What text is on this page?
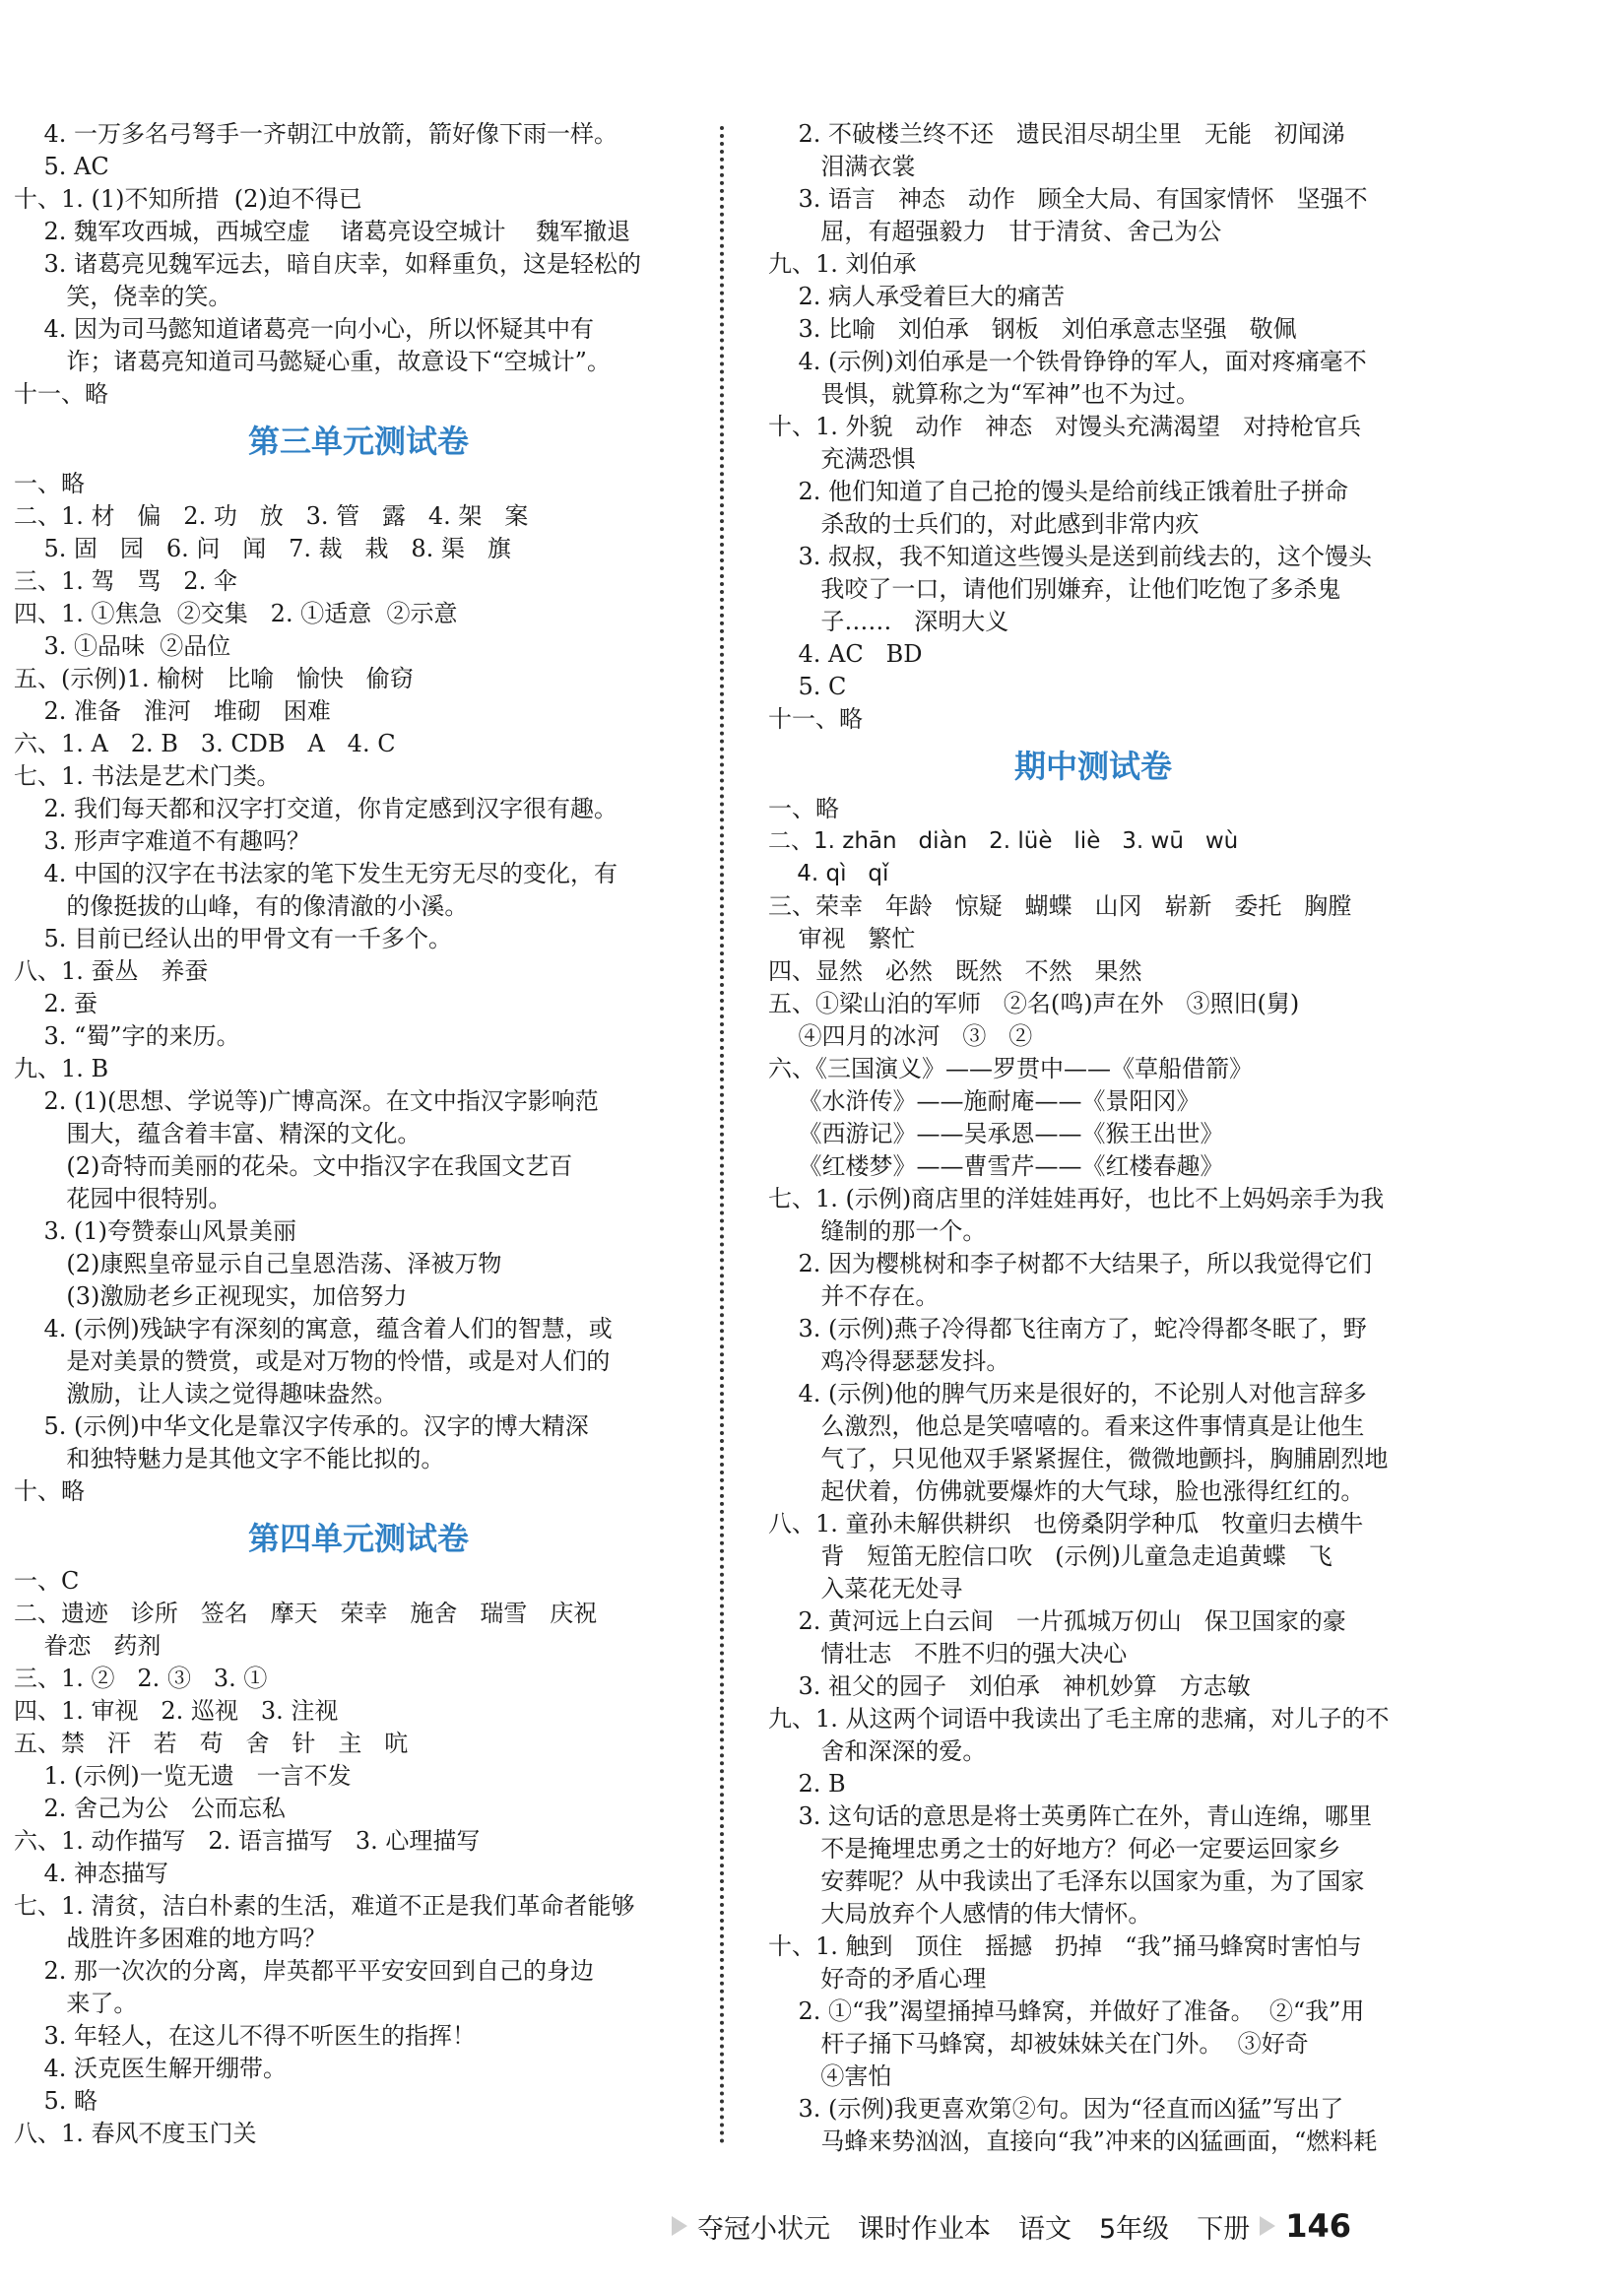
4. 一万多名弓弩手一齐朝江中放箭，箭好像下雨一样。
5. AC
十、1. (1)不知所措  (2)迫不得已
2. 魏军攻西城，西城空虚    诸葛亮设空城计    魏军撤退
3. 诸葛亮见魏军远去，暗自庆幸，如释重负，这是轻松的
笑，侥幸的笑。
4. 因为司马懿知道诸葛亮一向小心，所以怀疑其中有
诈；诸葛亮知道司马懿疑心重，故意设下“空城计”。
十一、略
第三单元测试卷
一、略
二、1. 材   偏   2. 功   放   3. 管   露   4. 架   案
5. 固   园   6. 问   闻   7. 裁   栽   8. 渠   旗
三、1. 驾   骂   2. 伞
四、1. ①焦急  ②交集   2. ①适意  ②示意
3. ①品味  ②品位
五、(示例)1. 榆树   比喻   愉快   偷窃
2. 准备   淮河   堆砌   困难
六、1. A   2. B   3. CDB   A   4. C
七、1. 书法是艺术门类。
2. 我们每天都和汉字打交道，你肯定感到汉字很有趣。
3. 形声字难道不有趣吗？
4. 中国的汉字在书法家的笔下发生无穷无尽的变化，有
的像挺拔的山峰，有的像清澈的小溪。
5. 目前已经认出的甲骨文有一千多个。
八、1. 蚕丛   养蚕
2. 蚕
3. “蜀”字的来历。
九、1. B
2. (1)(思想、学说等)广博高深。在文中指汉字影响范
围大，蕴含着丰富、精深的文化。
(2)奇特而美丽的花朵。文中指汉字在我国文艺百
花园中很特别。
3. (1)夸赞泰山风景美丽
(2)康熙皇帝显示自己皇恩浩荡、泽被万物
(3)激励老乡正视现实，加倍努力
4. (示例)残缺字有深刻的寓意，蕴含着人们的智慧，或
是对美景的赞赏，或是对万物的怜惜，或是对人们的
激励，让人读之觉得趣味盎然。
5. (示例)中华文化是靠汉字传承的。汉字的博大精深
和独特魅力是其他文字不能比拟的。
十、略
第四单元测试卷
一、C
二、遗迹   诊所   签名   摩天   荣幸   施舍   瑞雪   庆祝
眷恋   药剂
三、1. ②   2. ③   3. ①
四、1. 审视   2. 巡视   3. 注视
五、禁   汗   若   苟   舍   针   主   吭
1. (示例)一览无遗   一言不发
2. 舍己为公   公而忘私
六、1. 动作描写   2. 语言描写   3. 心理描写
4. 神态描写
七、1. 清贫，洁白朴素的生活，难道不正是我们革命者能够
战胜许多困难的地方吗？
2. 那一次次的分离，岸英都平平安安回到自己的身边
来了。
3. 年轻人，在这儿不得不听医生的指挥！
4. 沃克医生解开绷带。
5. 略
八、1. 春风不度玉门关
2. 不破楼兰终不还   遗民泪尽胡尘里   无能   初闻涕
泪满衣裳
3. 语言   神态   动作   顾全大局、有国家情怀   坚强不
屈，有超强毅力   甘于清贫、舍己为公
九、1. 刘伯承
2. 病人承受着巨大的痛苦
3. 比喻   刘伯承   钢板   刘伯承意志坚强   敬佩
4. (示例)刘伯承是一个铁骨铮铮的军人，面对疼痛毫不
畏惧，就算称之为“军神”也不为过。
十、1. 外貌   动作   神态   对馒头充满渴望   对持枪官兵
充满恐惧
2. 他们知道了自己抢的馒头是给前线正饿着肚子拼命
杀敌的士兵们的，对此感到非常内疚
3. 叔叔，我不知道这些馒头是送到前线去的，这个馒头
我咬了一口，请他们别嫌弃，让他们吃饱了多杀鬼
子……   深明大义
4. AC   BD
5. C
十一、略
期中测试卷
一、略
二、1. zhān   diàn   2. lüè   liè   3. wū   wù
4. qì   qǐ
三、荣幸   年龄   惊疑   蝴蝶   山冈   崭新   委托   胸膛
审视   繁忙
四、显然   必然   既然   不然   果然
五、①梁山泊的军师   ②名(鸣)声在外   ③照旧(舅)
④四月的冰河   ③   ②
六、《三国演义》——罗贯中——《草船借箭》
《水浒传》——施耐庵——《景阳冈》
《西游记》——吴承恩——《猴王出世》
《红楼梦》——曹雪芹——《红楼春趣》
七、1. (示例)商店里的洋娃娃再好，也比不上妈妈亲手为我
缝制的那一个。
2. 因为樱桃树和李子树都不大结果子，所以我觉得它们
并不存在。
3. (示例)燕子冷得都飞往南方了，蛇冷得都冬眠了，野
鸡冷得瑟瑟发抖。
4. (示例)他的脾气历来是很好的，不论别人对他言辞多
么激烈，他总是笑嘻嘻的。看来这件事情真是让他生
气了，只见他双手紧紧握住，微微地颤抖，胸脯剧烈地
起伏着，仿佛就要爆炸的大气球，脸也涨得红红的。
八、1. 童孙未解供耕织   也傍桑阴学种瓜   牧童归去横牛
背   短笛无腔信口吹   (示例)儿童急走追黄蝶   飞
入菜花无处寻
2. 黄河远上白云间   一片孤城万仞山   保卫国家的豪
情壮志   不胜不归的强大决心
3. 祖父的园子   刘伯承   神机妙算   方志敏
九、1. 从这两个词语中我读出了毛主席的悲痛，对儿子的不
舍和深深的爱。
2. B
3. 这句话的意思是将士英勇阵亡在外，青山连绵，哪里
不是掩埋忠勇之士的好地方？何必一定要运回家乡
安葬呢？从中我读出了毛泽东以国家为重，为了国家
大局放弃个人感情的伟大情怀。
十、1. 触到   顶住   摇撼   扔掉   “我”捅马蜂窝时害怕与
好奇的矛盾心理
2. ①“我”渴望捅掉马蜂窝，并做好了准备。  ②“我”用
杆子捅下马蜂窝，却被妹妹关在门外。  ③好奇
④害怕
3. (示例)我更喜欢第②句。因为“径直而凶猛”写出了
马蜂来势汹汹，直接向“我”冲来的凶猛画面，“燃料耗
夺冠小状元 课时作业本 语文 5年级 下册 146
